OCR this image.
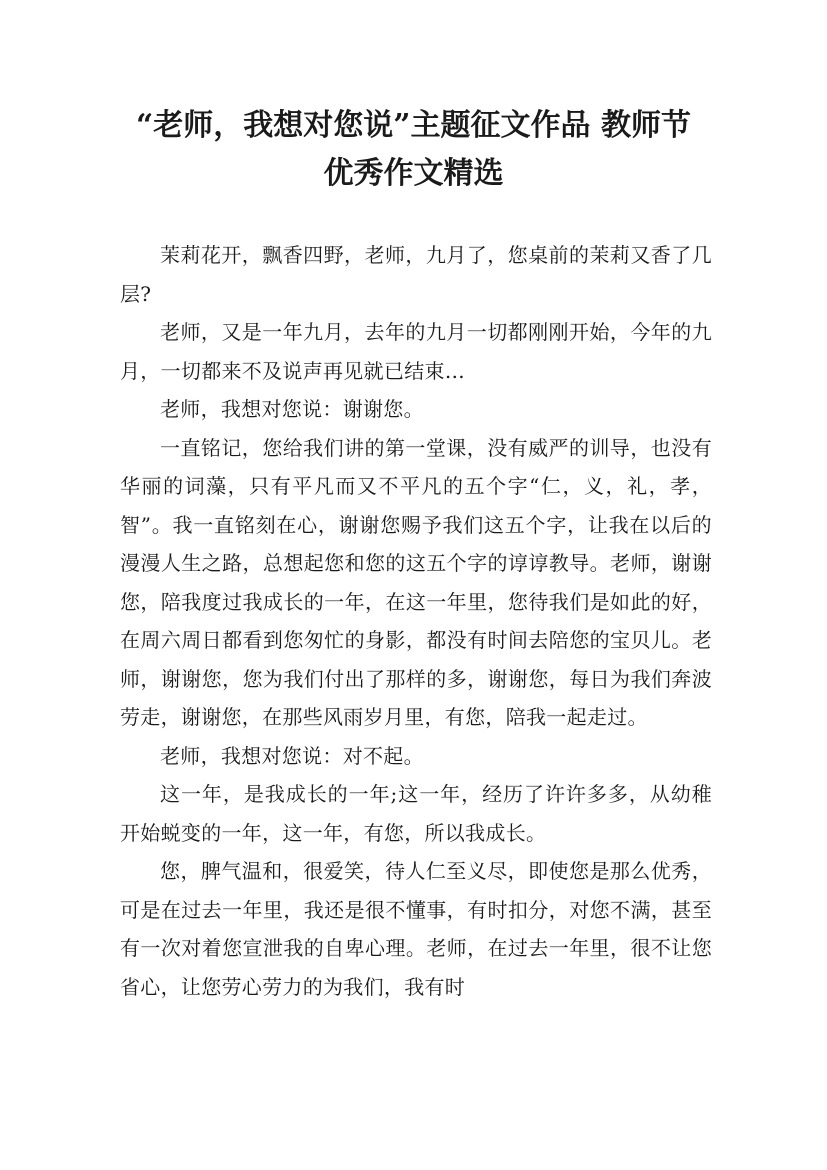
“老师，我想对您说”主题征文作品 教师节
优秀作文精选

茉莉花开，飘香四野，老师，九月了，您桌前的茉莉又香了几层?

老师，又是一年九月，去年的九月一切都刚刚开始，今年的九月，一切都来不及说声再见就已结束…

老师，我想对您说：谢谢您。

一直铭记，您给我们讲的第一堂课，没有威严的训导，也没有华丽的词藻，只有平凡而又不平凡的五个字“仁，义，礼，孝，智”。我一直铭刻在心，谢谢您赐予我们这五个字，让我在以后的漫漫人生之路，总想起您和您的这五个字的谆谆教导。老师，谢谢您，陪我度过我成长的一年，在这一年里，您待我们是如此的好，在周六周日都看到您匆忙的身影，都没有时间去陪您的宝贝儿。老师，谢谢您，您为我们付出了那样的多，谢谢您，每日为我们奔波劳走，谢谢您，在那些风雨岁月里，有您，陪我一起走过。

老师，我想对您说：对不起。

这一年，是我成长的一年;这一年，经历了许许多多，从幼稚开始蜕变的一年，这一年，有您，所以我成长。

您，脾气温和，很爱笑，待人仁至义尽，即使您是那么优秀，可是在过去一年里，我还是很不懂事，有时扣分，对您不满，甚至有一次对着您宣泄我的自卑心理。老师，在过去一年里，很不让您省心，让您劳心劳力的为我们，我有时
